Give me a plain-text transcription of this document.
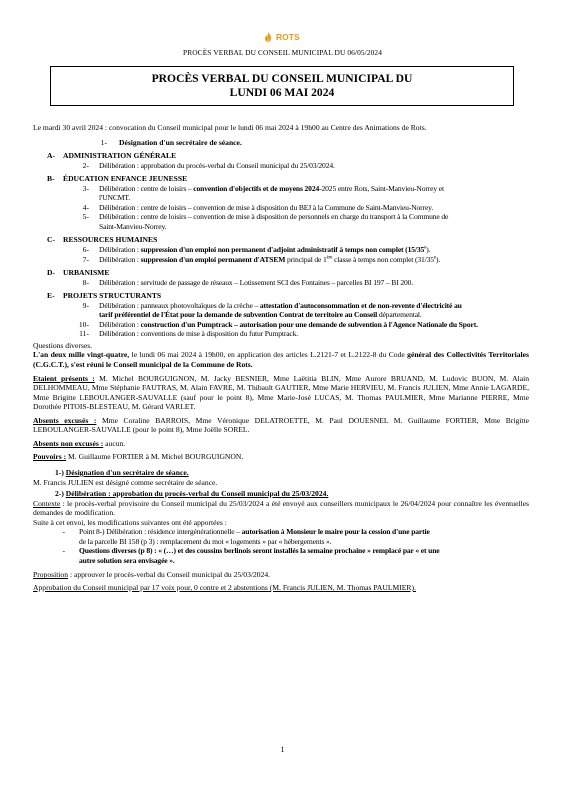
ROTS
PROCÈS VERBAL DU CONSEIL MUNICIPAL DU 06/05/2024
PROCÈS VERBAL DU CONSEIL MUNICIPAL DU
LUNDI 06 MAI 2024

Le mardi 30 avril 2024 : convocation du Conseil municipal pour le lundi 06 mai 2024 à 19h00 au Centre des Animations de Rots.

1-	Désignation d'un secrétaire de séance.
A-	ADMINISTRATION GÉNÉRALE
2-	Délibération : approbation du procès-verbal du Conseil municipal du 25/03/2024.
B-	ÉDUCATION ENFANCE JEUNESSE
3-	Délibération : centre de loisirs – convention d'objectifs et de moyens 2024-2025 entre Rots, Saint-Manvieu-Norrey et
l'UNCMT.
4-	Délibération : centre de loisirs – convention de mise à disposition du BEJ à la Commune de Saint-Manvieu-Norrey.
5-	Délibération : centre de loisirs – convention de mise à disposition de personnels en charge du transport à la Commune de
Saint-Manvieu-Norrey.
C-	RESSOURCES HUMAINES
6-	Délibération : suppression d'un emploi non permanent d'adjoint administratif à temps non complet (15/35e).
7-	Délibération : suppression d'un emploi permanent d'ATSEM principal de 1ère classe à temps non complet (31/35e).
D-	URBANISME
8-	Délibération : servitude de passage de réseaux – Lotissement SCI des Fontaines – parcelles BI 197 – BI 200.
E-	PROJETS STRUCTURANTS
9-	Délibération : panneaux photovoltaïques de la crèche – attestation d'autoconsommation et de non-revente d'électricité au
tarif préférentiel de l'État pour la demande de subvention Contrat de territoire au Conseil départemental.
10-	Délibération : construction d'un Pumptrack – autorisation pour une demande de subvention à l'Agence Nationale du Sport.
11-	Délibération : conventions de mise à disposition du futur Pumptrack.

Questions diverses.

L'an deux mille vingt-quatre, le lundi 06 mai 2024 à 19h00, en application des articles L.2121-7 et L.2122-8 du Code général des Collectivités Territoriales (C.G.C.T.), s'est réuni le Conseil municipal de la Commune de Rots.

Etaient présents : M. Michel BOURGUIGNON, M. Jacky BESNIER, Mme Laëtitia BLIN, Mme Aurore BRUAND, M. Ludovic BUON, M. Alain DELHOMMEAU, Mme Stéphanie FAUTRAS, M. Alain FAVRE, M. Thibault GAUTIER, Mme Marie HERVIEU, M. Francis JULIEN, Mme Annie LAGARDE, Mme Brigitte LEBOULANGER-SAUVALLE (sauf pour le point 8), Mme Marie-José LUCAS, M. Thomas PAULMIER, Mme Marianne PIERRE, Mme Dorothée PITOIS-BLESTEAU, M. Gérard VARLET.

Absents excusés : Mme Coraline BARROIS, Mme Véronique DELATROETTE, M. Paul DOUESNEL M. Guillaume FORTIER, Mme Brigitte LEBOULANGER-SAUVALLE (pour le point 8), Mme Joëlle SOREL.

Absents non excusés : aucun.

Pouvoirs : M. Guillaume FORTIER à M. Michel BOURGUIGNON.

1-) Désignation d'un secrétaire de séance.

M. Francis JULIEN est désigné comme secrétaire de séance.

2-) Délibération : approbation du procès-verbal du Conseil municipal du 25/03/2024.

Contexte : le procès-verbal provisoire du Conseil municipal du 25/03/2024 a été envoyé aux conseillers municipaux le 26/04/2024 pour connaître les éventuelles demandes de modification.

Suite à cet envoi, les modifications suivantes ont été apportées :

-	Point 8-) Délibération : résidence intergénérationnelle – autorisation à Monsieur le maire pour la cession d'une partie
de la parcelle BI 158 (p 3) : remplacement du mot « logements » par « hébergements ».
-	Questions diverses (p 8) : « (…) et des coussins berlinois seront installés la semaine prochaine » remplacé par « et une
autre solution sera envisagée ».

Proposition : approuver le procès-verbal du Conseil municipal du 25/03/2024.

Approbation du Conseil municipal par 17 voix pour, 0 contre et 2 abstentions (M. Francis JULIEN, M. Thomas PAULMIER).

1
